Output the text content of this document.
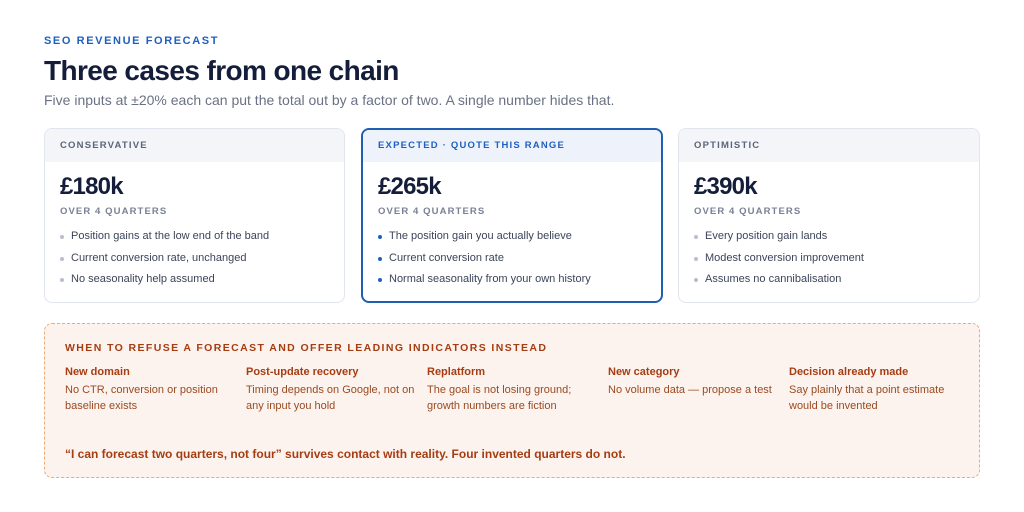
SEO REVENUE FORECAST
Three cases from one chain

Five inputs at ±20% each can put the total out by a factor of two. A single number hides that.

CONSERVATIVE
£180k
OVER 4 QUARTERS
Position gains at the low end of the band
Current conversion rate, unchanged
No seasonality help assumed
EXPECTED · QUOTE THIS RANGE
£265k
OVER 4 QUARTERS
The position gain you actually believe
Current conversion rate
Normal seasonality from your own history
OPTIMISTIC
£390k
OVER 4 QUARTERS
Every position gain lands
Modest conversion improvement
Assumes no cannibalisation
WHEN TO REFUSE A FORECAST AND OFFER LEADING INDICATORS INSTEAD
New domain
No CTR, conversion or position baseline exists
Post-update recovery
Timing depends on Google, not on any input you hold
Replatform
The goal is not losing ground; growth numbers are fiction
New category
No volume data — propose a test
Decision already made
Say plainly that a point estimate would be invented
“I can forecast two quarters, not four” survives contact with reality. Four invented quarters do not.
